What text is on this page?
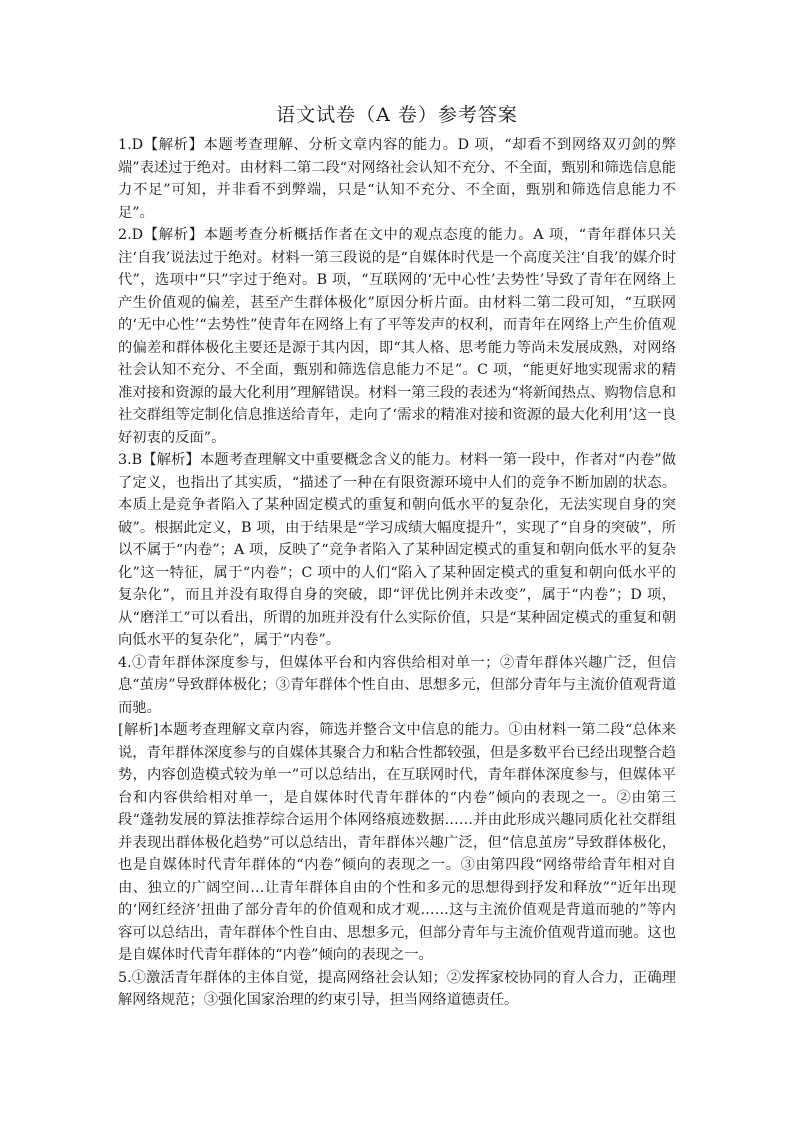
语文试卷（A 卷）参考答案

1.D【解析】本题考查理解、分析文章内容的能力。D 项，“却看不到网络双刃剑的弊端”表述过于绝对。由材料二第二段“对网络社会认知不充分、不全面，甄别和筛选信息能力不足”可知，并非看不到弊端，只是“认知不充分、不全面，甄别和筛选信息能力不足”。

2.D【解析】本题考查分析概括作者在文中的观点态度的能力。A 项，“青年群体只关注‘自我’说法过于绝对。材料一第三段说的是“自媒体时代是一个高度关注‘自我’的媒介时代”，选项中“只”字过于绝对。B 项，“互联网的‘无中心性’去势性’导致了青年在网络上产生价值观的偏差，甚至产生群体极化”原因分析片面。由材料二第二段可知，“互联网的‘无中心性’“去势性”使青年在网络上有了平等发声的权利，而青年在网络上产生价值观的偏差和群体极化主要还是源于其内因，即“其人格、思考能力等尚未发展成熟，对网络社会认知不充分、不全面，甄别和筛选信息能力不足”。C 项，“能更好地实现需求的精准对接和资源的最大化利用”理解错误。材料一第三段的表述为“将新闻热点、购物信息和社交群组等定制化信息推送给青年，走向了‘需求的精准对接和资源的最大化利用’这一良好初衷的反面”。

3.B【解析】本题考查理解文中重要概念含义的能力。材料一第一段中，作者对“内卷”做了定义，也指出了其实质，“描述了一种在有限资源环境中人们的竞争不断加剧的状态。本质上是竞争者陷入了某种固定模式的重复和朝向低水平的复杂化，无法实现自身的突破”。根据此定义，B 项，由于结果是“学习成绩大幅度提升”，实现了“自身的突破”，所以不属于“内卷”；A 项，反映了“竞争者陷入了某种固定模式的重复和朝向低水平的复杂化”这一特征，属于“内卷”；C 项中的人们“陷入了某种固定模式的重复和朝向低水平的复杂化”，而且并没有取得自身的突破，即“评优比例并未改变”，属于“内卷”；D 项，从“磨洋工”可以看出，所谓的加班并没有什么实际价值，只是“某种固定模式的重复和朝向低水平的复杂化”，属于“内卷”。

4.①青年群体深度参与，但媒体平台和内容供给相对单一；②青年群体兴趣广泛，但信息“茧房”导致群体极化；③青年群体个性自由、思想多元，但部分青年与主流价值观背道而驰。

[解析]本题考查理解文章内容，筛选并整合文中信息的能力。①由材料一第二段“总体来说，青年群体深度参与的自媒体其聚合力和粘合性都较强，但是多数平台已经出现整合趋势，内容创造模式较为单一”可以总结出，在互联网时代，青年群体深度参与，但媒体平台和内容供给相对单一，是自媒体时代青年群体的“内卷”倾向的表现之一。②由第三段“蓬勃发展的算法推荐综合运用个体网络痕迹数据……并由此形成兴趣同质化社交群组并表现出群体极化趋势”可以总结出，青年群体兴趣广泛，但“信息茧房”导致群体极化，也是自媒体时代青年群体的“内卷”倾向的表现之一。③由第四段“网络带给青年相对自由、独立的广阔空间…让青年群体自由的个性和多元的思想得到抒发和释放”“近年出现的‘网红经济’扭曲了部分青年的价值观和成才观……这与主流价值观是背道而驰的”等内容可以总结出，青年群体个性自由、思想多元，但部分青年与主流价值观背道而驰。这也是自媒体时代青年群体的“内卷”倾向的表现之一。

5.①激活青年群体的主体自觉，提高网络社会认知；②发挥家校协同的育人合力，正确理解网络规范；③强化国家治理的约束引导，担当网络道德责任。
